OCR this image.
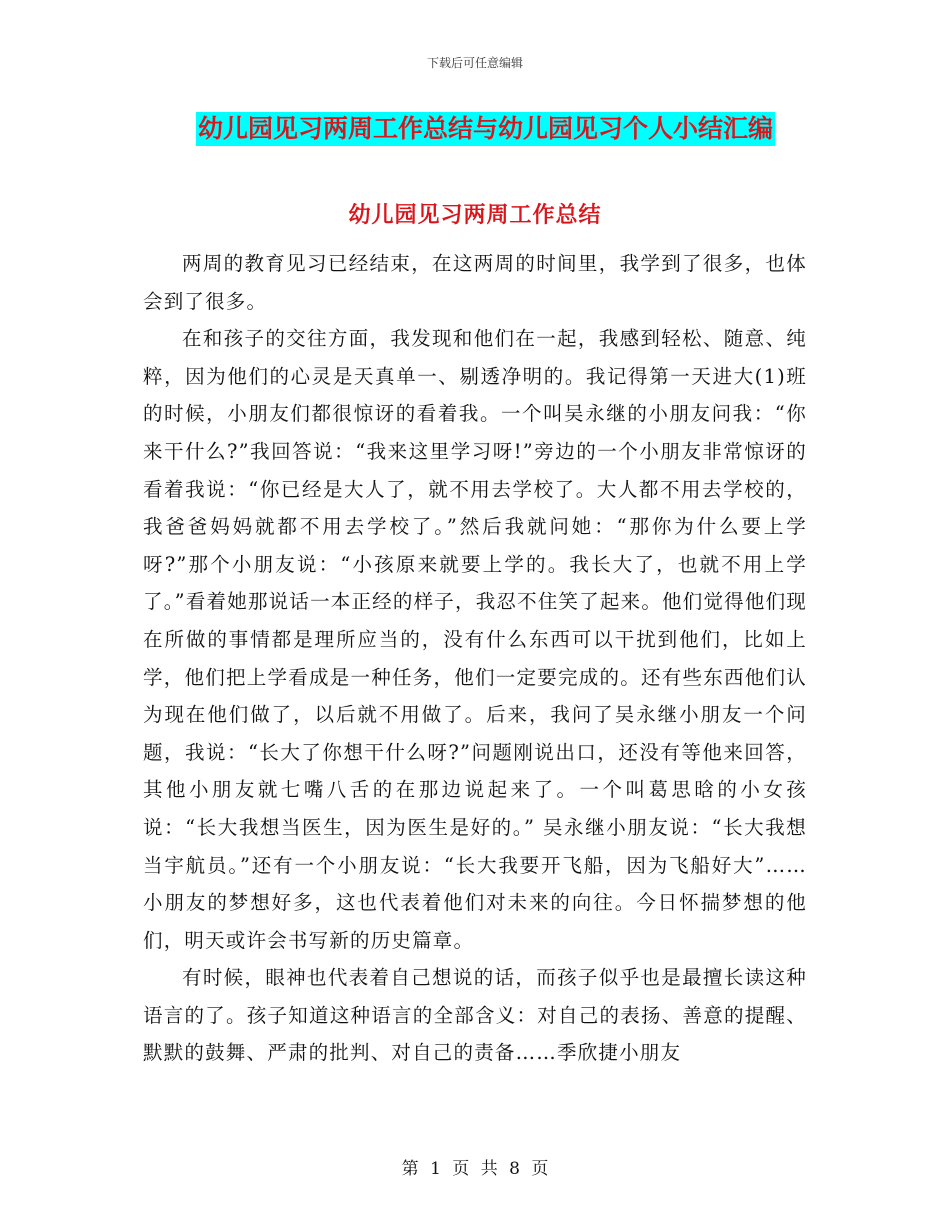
下载后可任意编辑
幼儿园见习两周工作总结与幼儿园见习个人小结汇编
幼儿园见习两周工作总结

两周的教育见习已经结束，在这两周的时间里，我学到了很多，也体会到了很多。

在和孩子的交往方面，我发现和他们在一起，我感到轻松、随意、纯粹，因为他们的心灵是天真单一、剔透净明的。我记得第一天进大(1)班的时候，小朋友们都很惊讶的看着我。一个叫吴永继的小朋友问我：“你来干什么?”我回答说：“我来这里学习呀!”旁边的一个小朋友非常惊讶的看着我说：“你已经是大人了，就不用去学校了。大人都不用去学校的，我爸爸妈妈就都不用去学校了。”然后我就问她：“那你为什么要上学呀?”那个小朋友说：“小孩原来就要上学的。我长大了，也就不用上学了。”看着她那说话一本正经的样子，我忍不住笑了起来。他们觉得他们现在所做的事情都是理所应当的，没有什么东西可以干扰到他们，比如上学，他们把上学看成是一种任务，他们一定要完成的。还有些东西他们认为现在他们做了，以后就不用做了。后来，我问了吴永继小朋友一个问题，我说：“长大了你想干什么呀?”问题刚说出口，还没有等他来回答，其他小朋友就七嘴八舌的在那边说起来了。一个叫葛思晗的小女孩说：“长大我想当医生，因为医生是好的。” 吴永继小朋友说：“长大我想当宇航员。”还有一个小朋友说：“长大我要开飞船，因为飞船好大”……小朋友的梦想好多，这也代表着他们对未来的向往。今日怀揣梦想的他们，明天或许会书写新的历史篇章。

有时候，眼神也代表着自己想说的话，而孩子似乎也是最擅长读这种语言的了。孩子知道这种语言的全部含义：对自己的表扬、善意的提醒、默默的鼓舞、严肃的批判、对自己的责备……季欣捷小朋友

第 1 页 共 8 页
